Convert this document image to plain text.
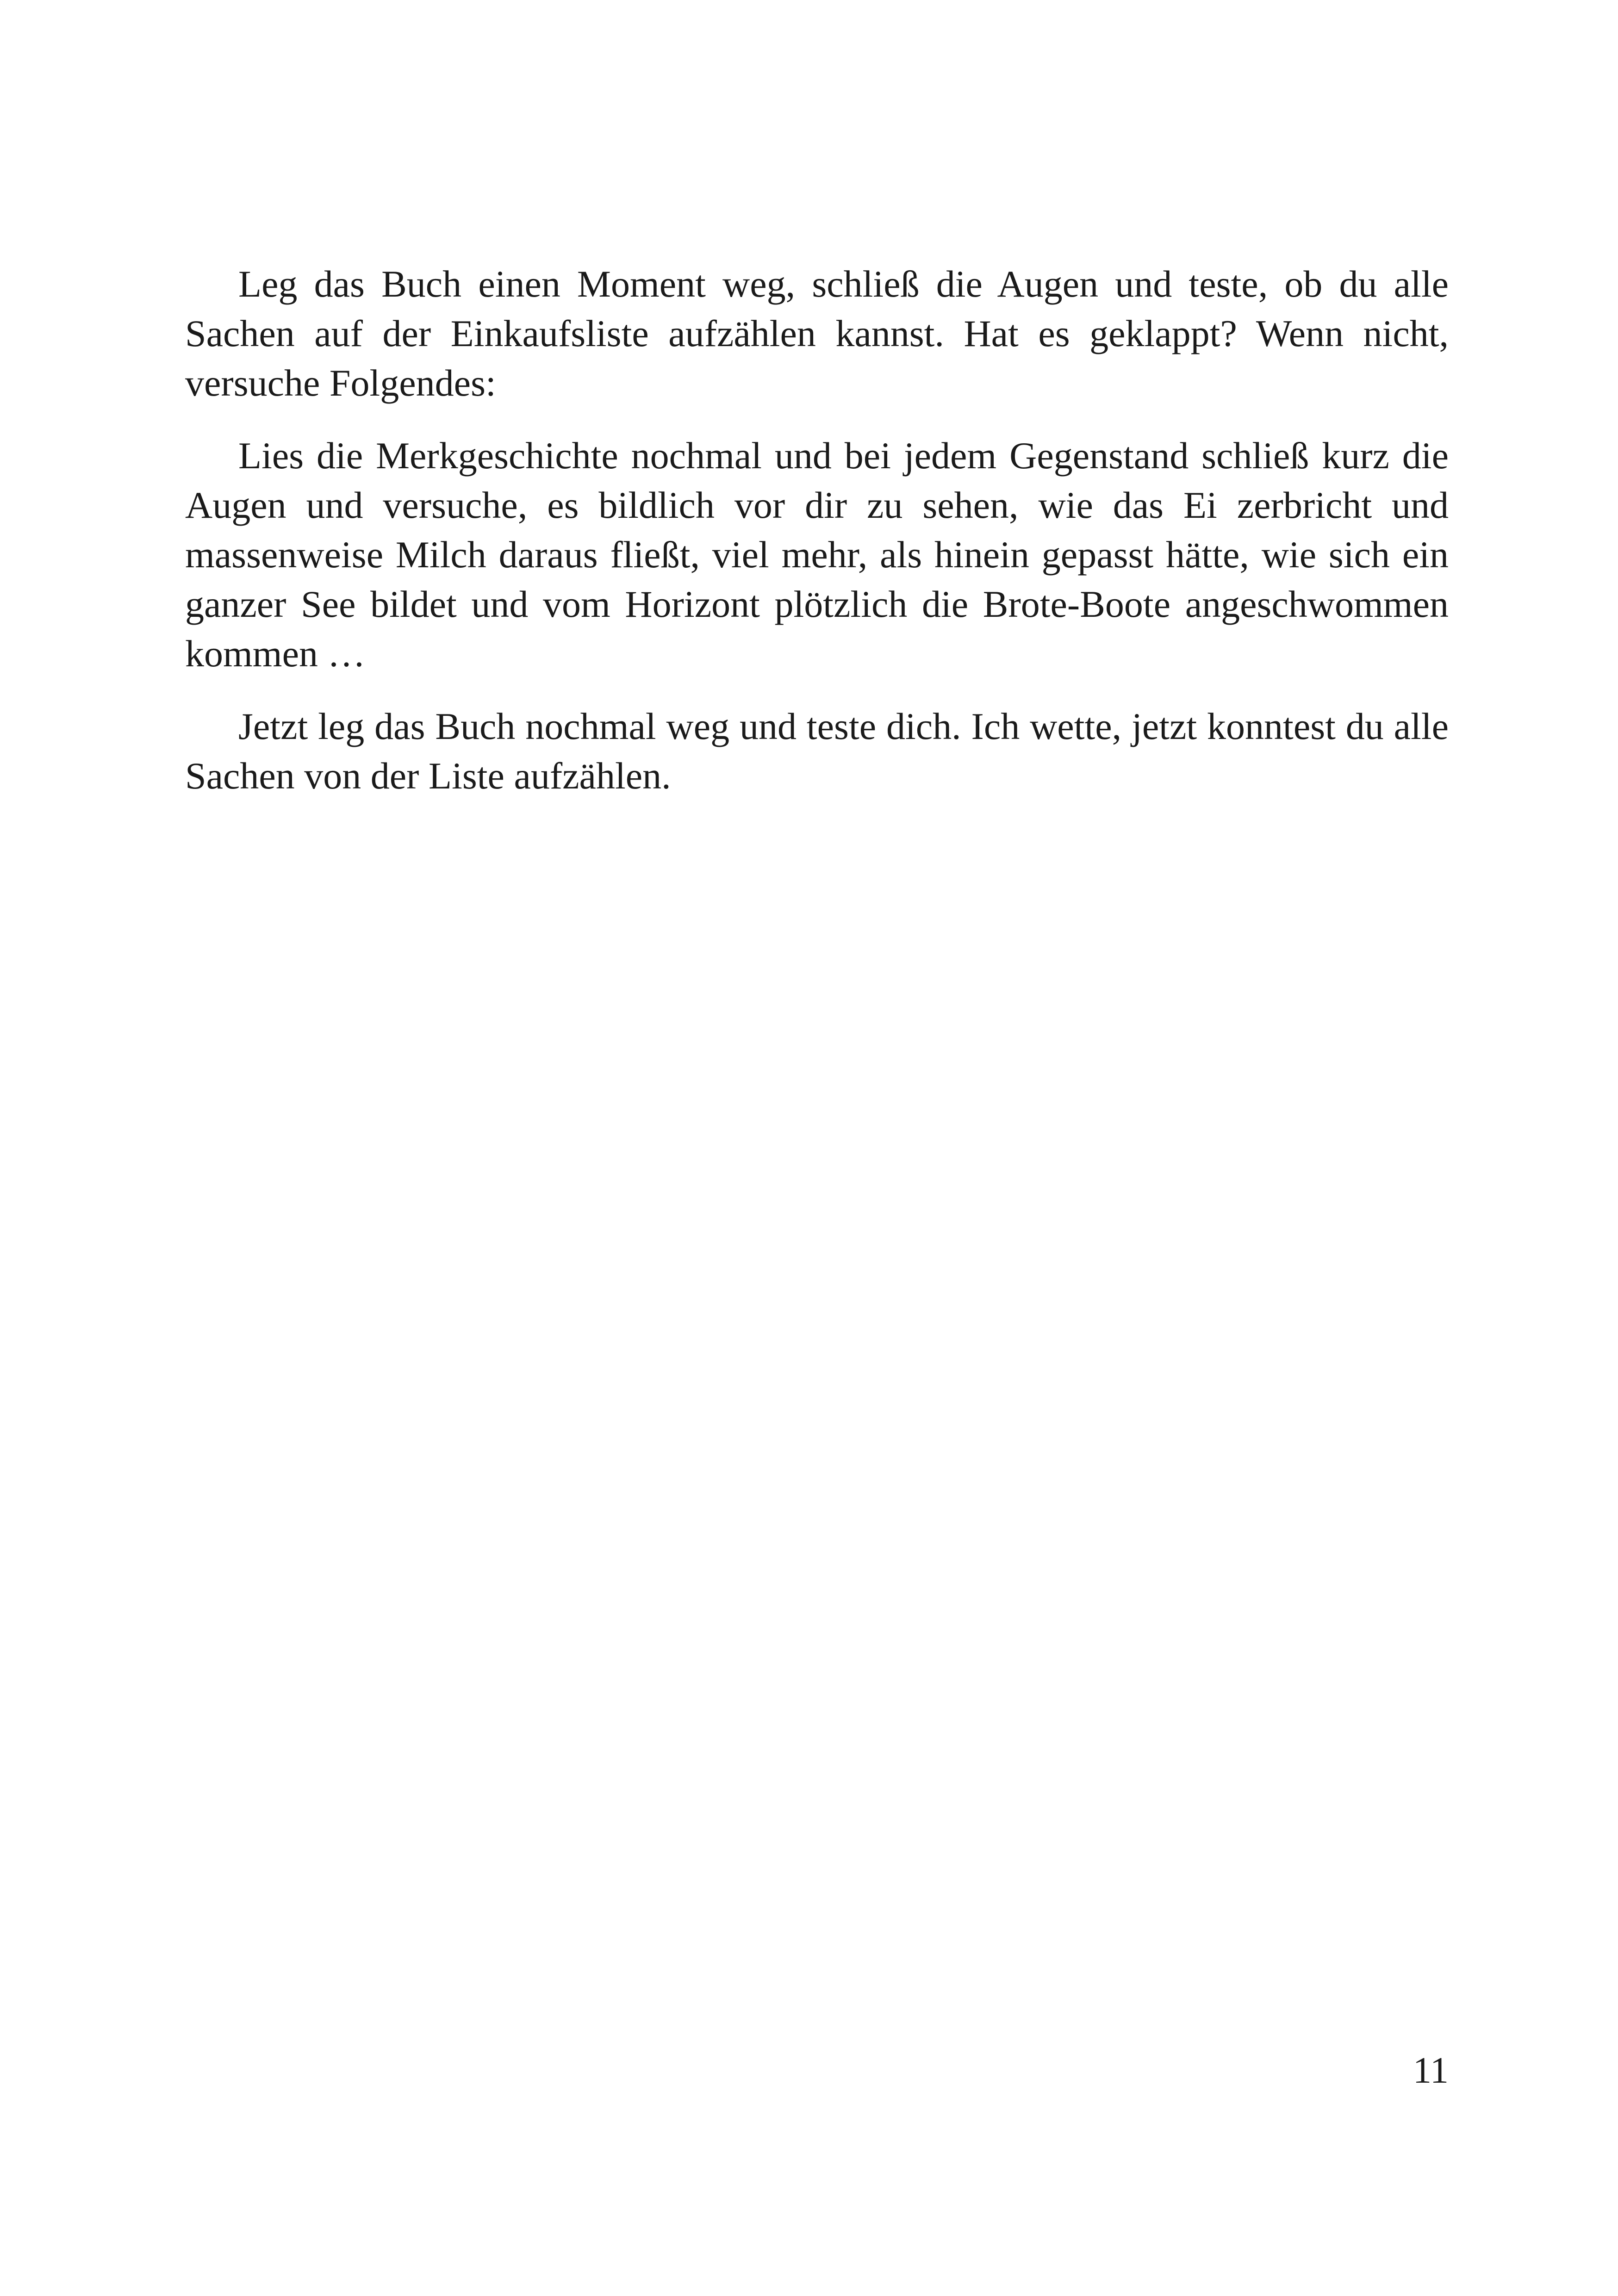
Leg das Buch einen Moment weg, schließ die Augen und teste, ob du alle Sachen auf der Einkaufsliste aufzählen kannst. Hat es geklappt? Wenn nicht, versuche Folgendes:

Lies die Merkgeschichte nochmal und bei jedem Gegenstand schließ kurz die Augen und versuche, es bildlich vor dir zu sehen, wie das Ei zerbricht und massenweise Milch daraus fließt, viel mehr, als hinein gepasst hätte, wie sich ein ganzer See bildet und vom Horizont plötzlich die Brote-Boote angeschwommen kommen …

Jetzt leg das Buch nochmal weg und teste dich. Ich wette, jetzt konntest du alle Sachen von der Liste aufzählen.

11
